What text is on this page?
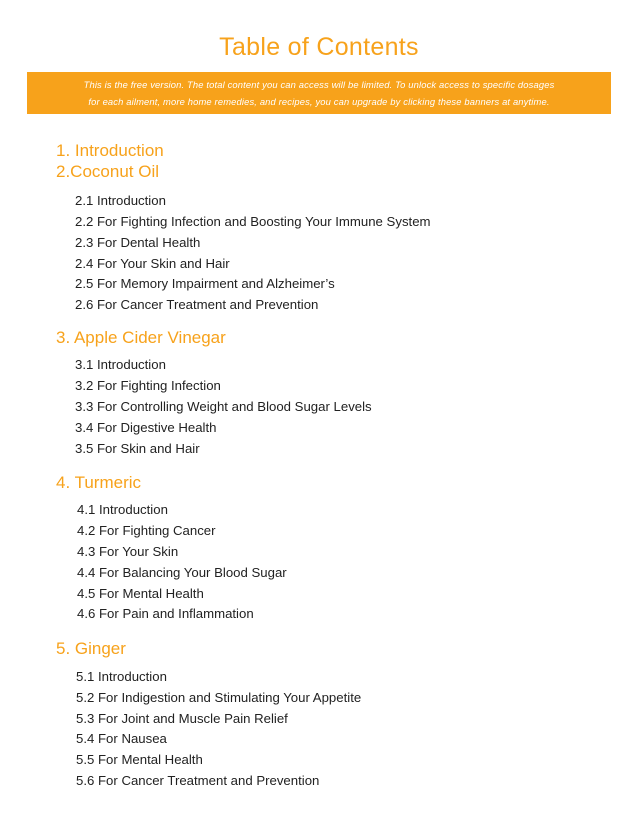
Table of Contents
This is the free version. The total content you can access will be limited. To unlock access to specific dosages
for each ailment, more home remedies, and recipes, you can upgrade by clicking these banners at anytime.
1. Introduction
2.Coconut Oil
2.1 Introduction
2.2 For Fighting Infection and Boosting Your Immune System
2.3 For Dental Health
2.4 For Your Skin and Hair
2.5 For Memory Impairment and Alzheimer’s
2.6 For Cancer Treatment and Prevention
3. Apple Cider Vinegar
3.1 Introduction
3.2 For Fighting Infection
3.3 For Controlling Weight and Blood Sugar Levels
3.4 For Digestive Health
3.5 For Skin and Hair
4. Turmeric
4.1 Introduction
4.2 For Fighting Cancer
4.3 For Your Skin
4.4 For Balancing Your Blood Sugar
4.5 For Mental Health
4.6 For Pain and Inflammation
5. Ginger
5.1 Introduction
5.2 For Indigestion and Stimulating Your Appetite
5.3 For Joint and Muscle Pain Relief
5.4 For Nausea
5.5 For Mental Health
5.6 For Cancer Treatment and Prevention
